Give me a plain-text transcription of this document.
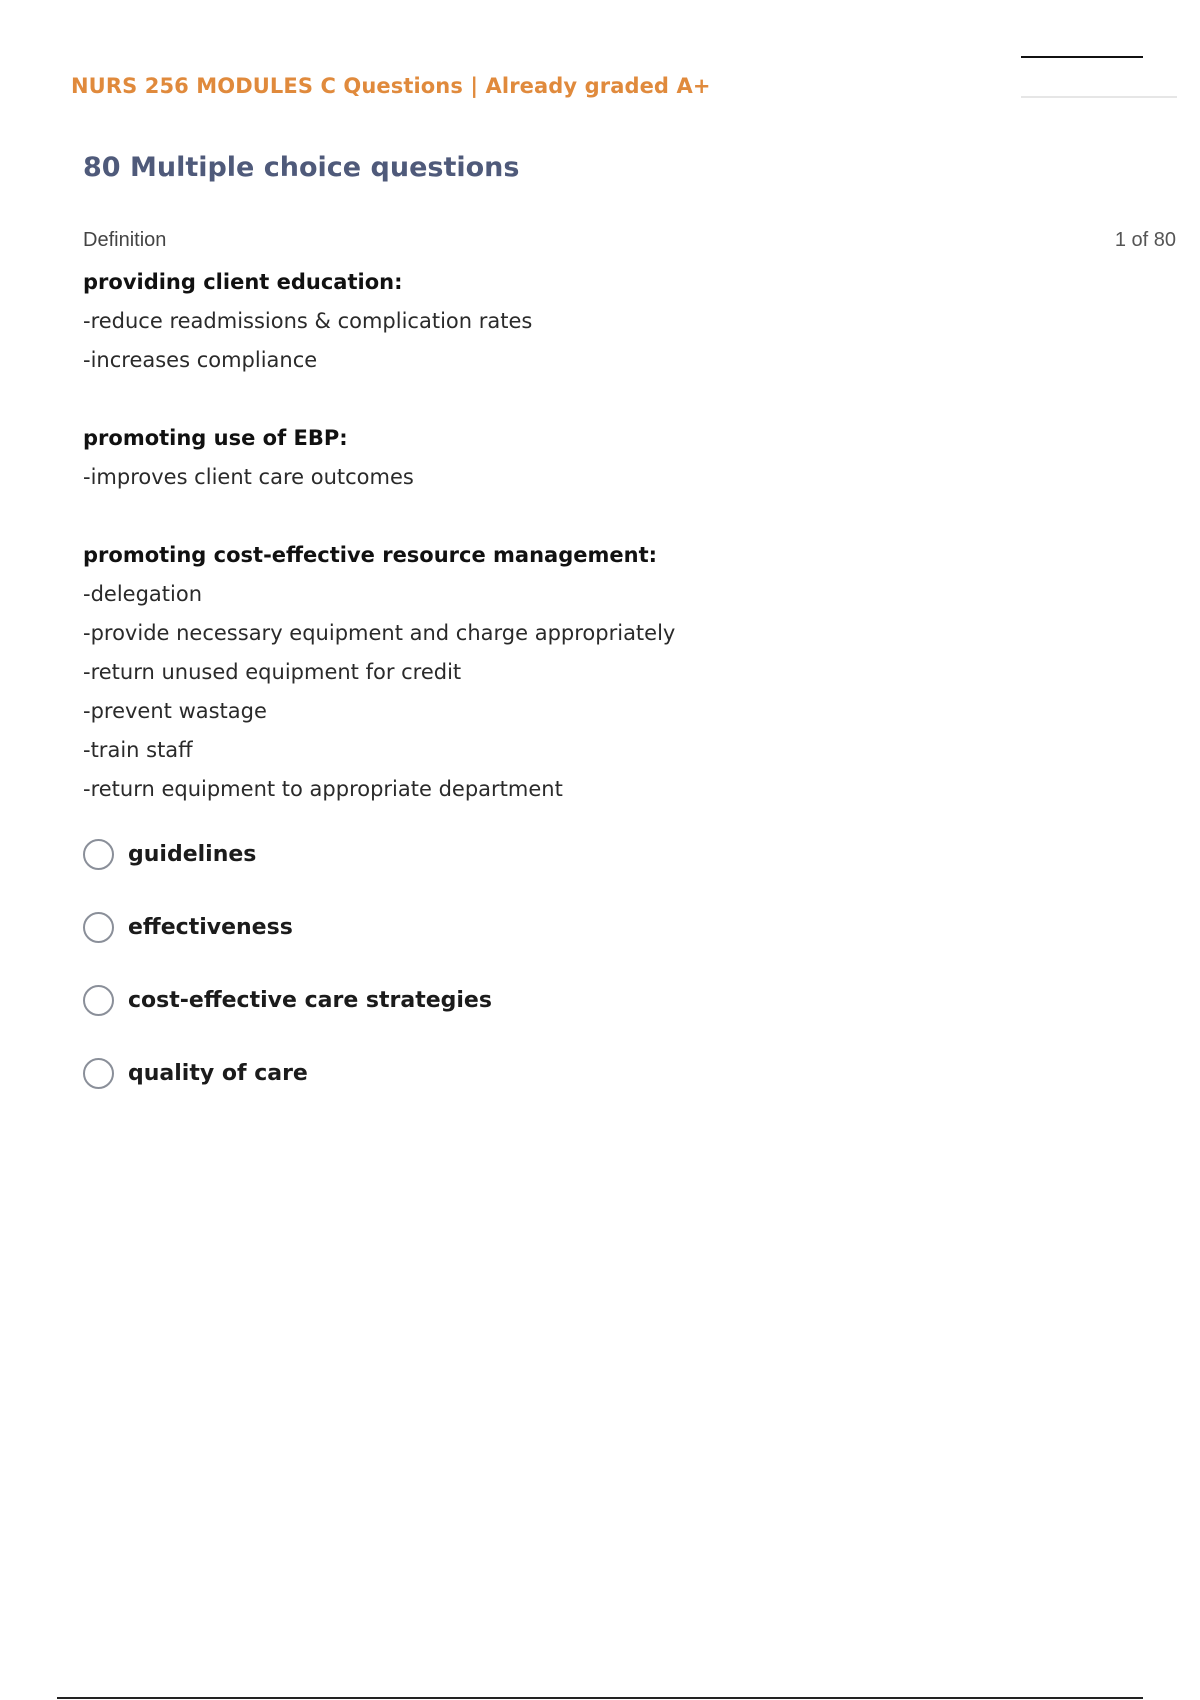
NURS 256 MODULES C Questions | Already graded A+
80 Multiple choice questions
Definition	1 of 80
providing client education:
-reduce readmissions & complication rates
-increases compliance
promoting use of EBP:
-improves client care outcomes
promoting cost-effective resource management:
-delegation
-provide necessary equipment and charge appropriately
-return unused equipment for credit
-prevent wastage
-train staff
-return equipment to appropriate department
guidelines
effectiveness
cost-effective care strategies
quality of care
